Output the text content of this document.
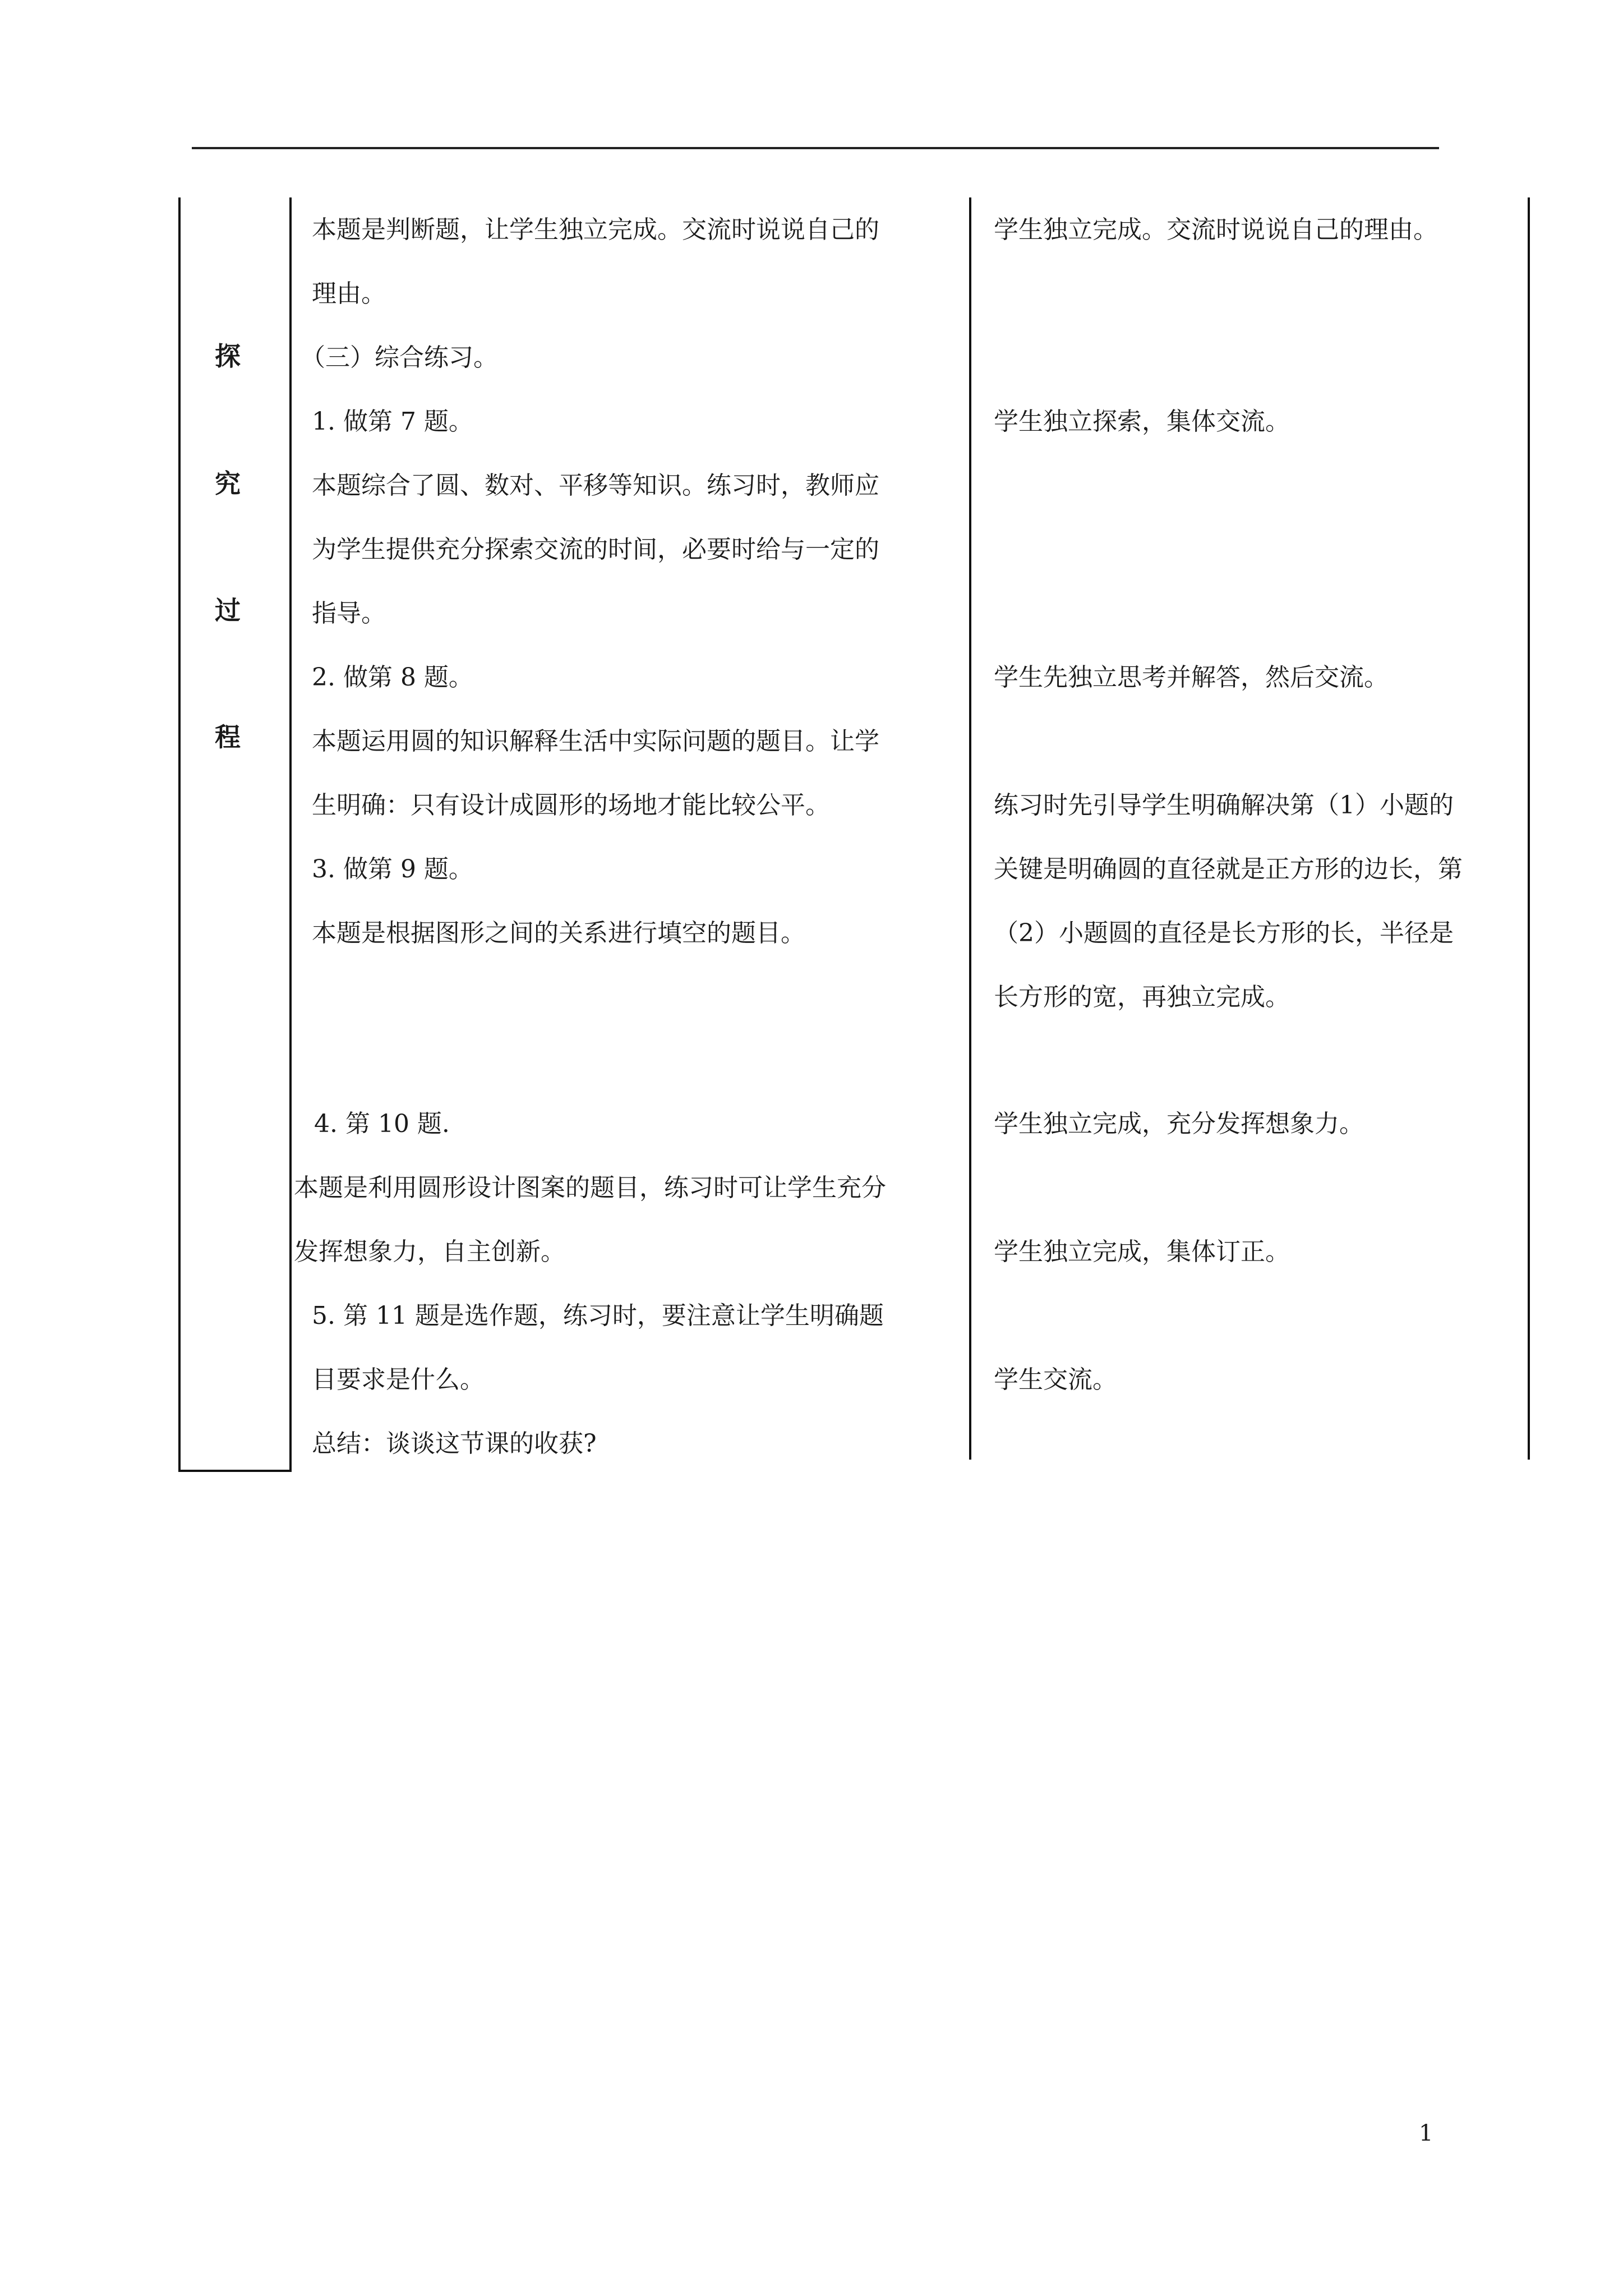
探
究
过
程
本题是判断题，让学生独立完成。交流时说说自己的
理由。
（三）综合练习。
1. 做第 7 题。
本题综合了圆、数对、平移等知识。练习时，教师应
为学生提供充分探索交流的时间，必要时给与一定的
指导。
2. 做第 8 题。
本题运用圆的知识解释生活中实际问题的题目。让学
生明确：只有设计成圆形的场地才能比较公平。
3. 做第 9 题。
本题是根据图形之间的关系进行填空的题目。
4. 第 10 题.
本题是利用圆形设计图案的题目，练习时可让学生充分
发挥想象力，自主创新。
5. 第 11 题是选作题，练习时，要注意让学生明确题
目要求是什么。
总结：谈谈这节课的收获?
学生独立完成。交流时说说自己的理由。
学生独立探索，集体交流。
学生先独立思考并解答，然后交流。
练习时先引导学生明确解决第（1）小题的
关键是明确圆的直径就是正方形的边长，第
（2）小题圆的直径是长方形的长，半径是
长方形的宽，再独立完成。
学生独立完成，充分发挥想象力。
学生独立完成，集体订正。
学生交流。
1
